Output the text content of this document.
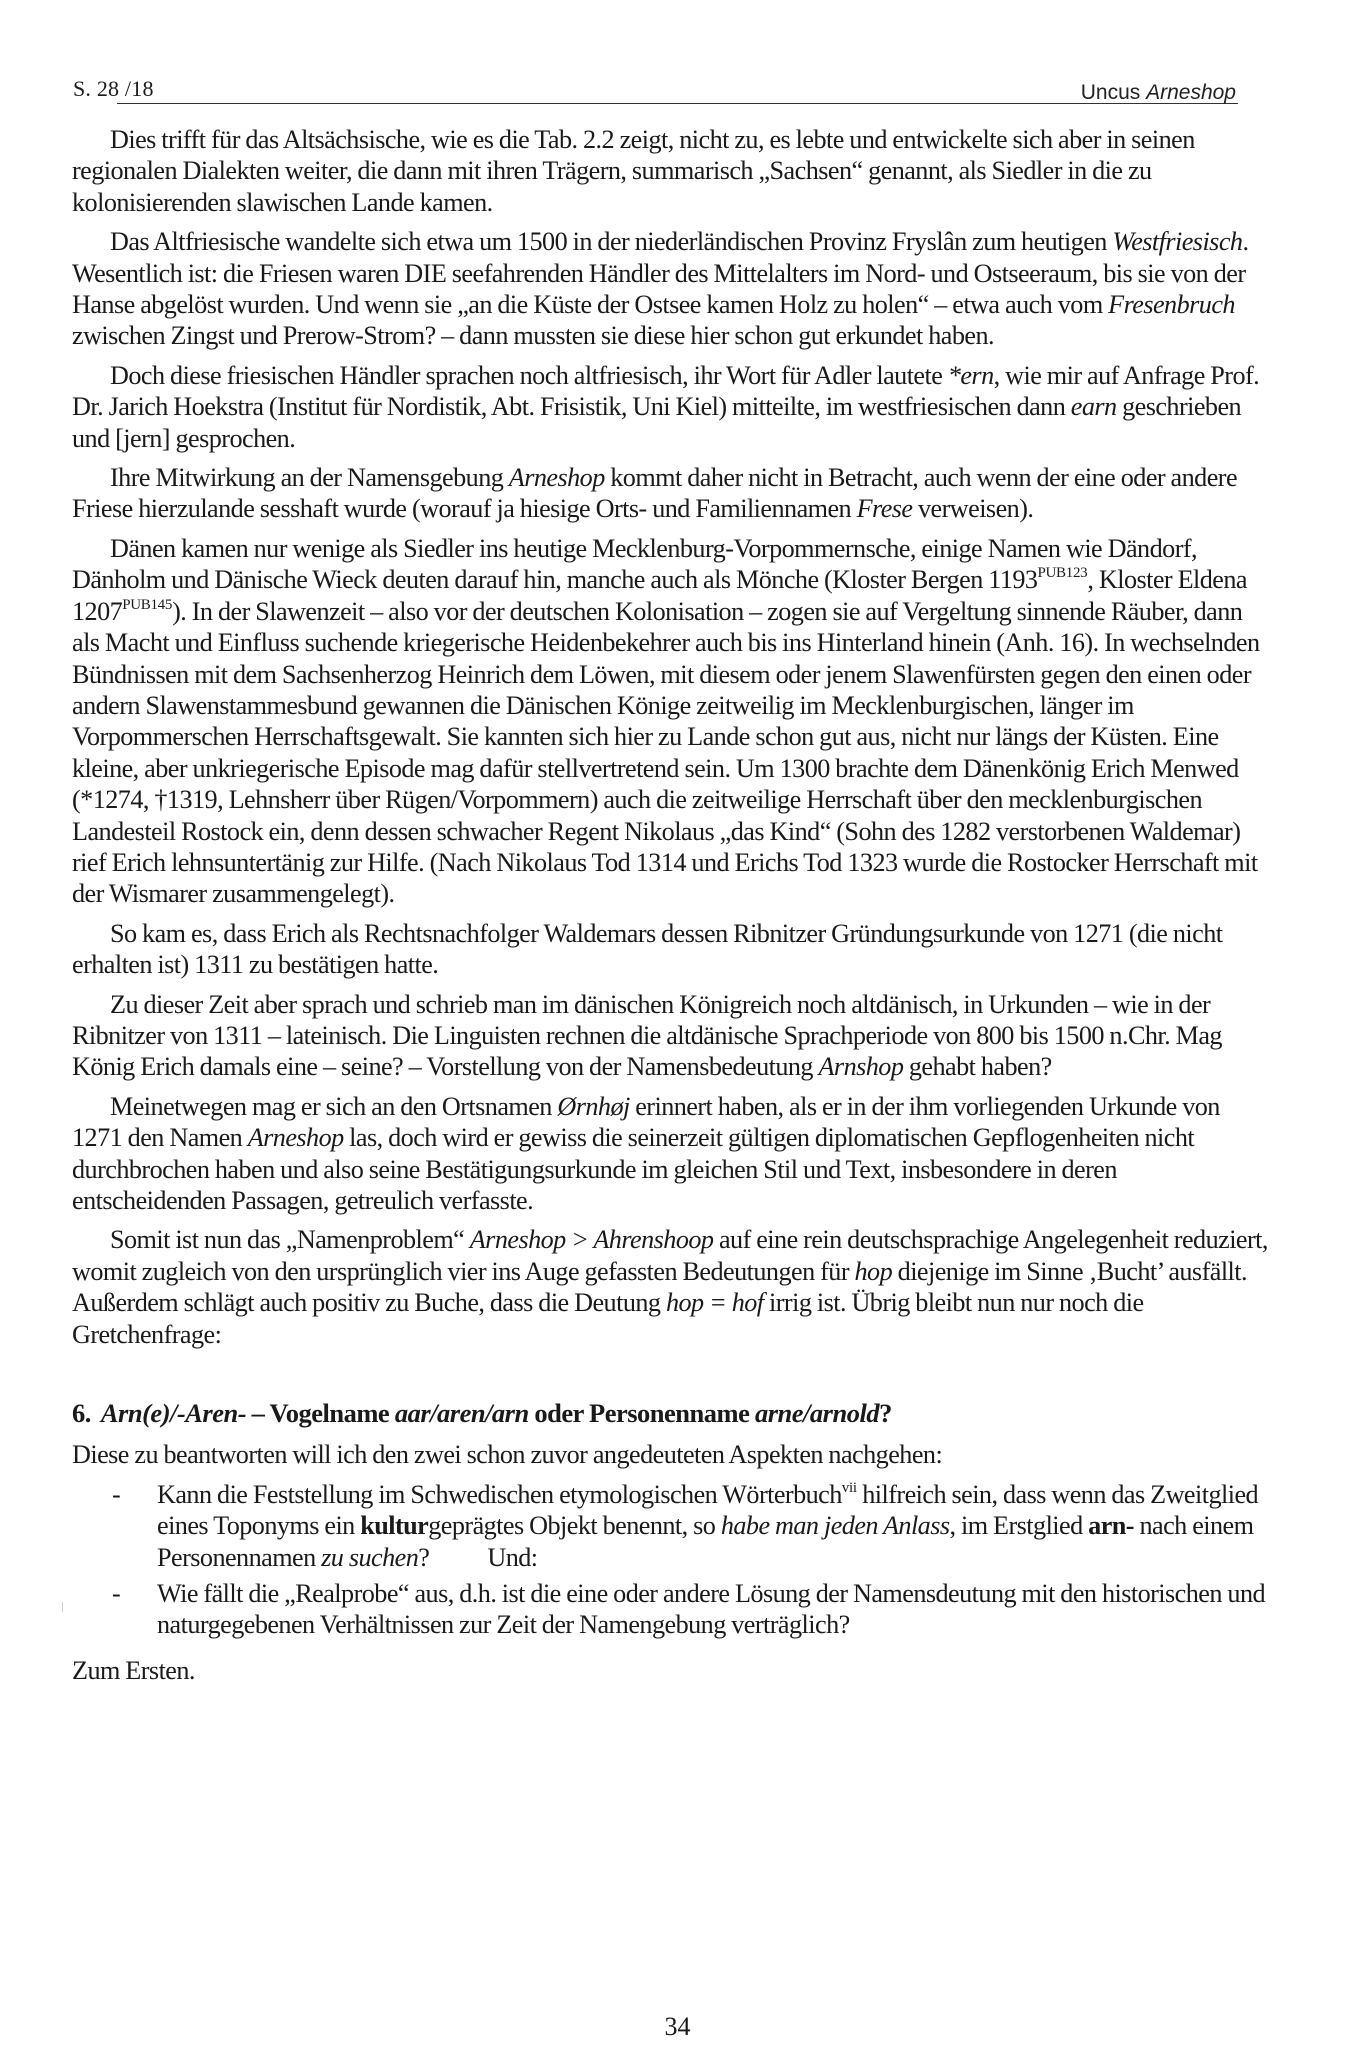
S. 28 /18	Uncus Arneshop

Dies trifft für das Altsächsische, wie es die Tab. 2.2 zeigt, nicht zu, es lebte und entwickelte sich aber in seinen regionalen Dialekten weiter, die dann mit ihren Trägern, summarisch „Sachsen“ genannt, als Siedler in die zu kolonisierenden slawischen Lande kamen.

Das Altfriesische wandelte sich etwa um 1500 in der niederländischen Provinz Fryslân zum heutigen Westfriesisch. Wesentlich ist: die Friesen waren DIE seefahrenden Händler des Mittelalters im Nord- und Ostseeraum, bis sie von der Hanse abgelöst wurden. Und wenn sie „an die Küste der Ostsee kamen Holz zu holen“ – etwa auch vom Fresenbruch zwischen Zingst und Prerow-Strom? – dann mussten sie diese hier schon gut erkundet haben.

Doch diese friesischen Händler sprachen noch altfriesisch, ihr Wort für Adler lautete *ern, wie mir auf Anfrage Prof. Dr. Jarich Hoekstra (Institut für Nordistik, Abt. Frisistik, Uni Kiel) mitteilte, im westfriesischen dann earn geschrieben und [jern] gesprochen.

Ihre Mitwirkung an der Namensgebung Arneshop kommt daher nicht in Betracht, auch wenn der eine oder andere Friese hierzulande sesshaft wurde (worauf ja hiesige Orts- und Familiennamen Frese verweisen).

Dänen kamen nur wenige als Siedler ins heutige Mecklenburg-Vorpommernsche, einige Namen wie Dändorf, Dänholm und Dänische Wieck deuten darauf hin, manche auch als Mönche (Kloster Bergen $1193^{PUB123}$, Kloster Eldena $1207^{PUB145}$). In der Slawenzeit – also vor der deutschen Kolonisation – zogen sie auf Vergeltung sinnende Räuber, dann als Macht und Einfluss suchende kriegerische Heidenbekehrer auch bis ins Hinterland hinein (Anh. 16). In wechselnden Bündnissen mit dem Sachsenherzog Heinrich dem Löwen, mit diesem oder jenem Slawenfürsten gegen den einen oder andern Slawenstammesbund gewannen die Dänischen Könige zeitweilig im Mecklenburgischen, länger im Vorpommerschen Herrschaftsgewalt. Sie kannten sich hier zu Lande schon gut aus, nicht nur längs der Küsten. Eine kleine, aber unkriegerische Episode mag dafür stellvertretend sein. Um 1300 brachte dem Dänenkönig Erich Menwed (*1274, †1319, Lehnsherr über Rügen/Vorpommern) auch die zeitweilige Herrschaft über den mecklenburgischen Landesteil Rostock ein, denn dessen schwacher Regent Nikolaus „das Kind“ (Sohn des 1282 verstorbenen Waldemar) rief Erich lehnsuntertänig zur Hilfe. (Nach Nikolaus Tod 1314 und Erichs Tod 1323 wurde die Rostocker Herrschaft mit der Wismarer zusammengelegt).

So kam es, dass Erich als Rechtsnachfolger Waldemars dessen Ribnitzer Gründungsurkunde von 1271 (die nicht erhalten ist) 1311 zu bestätigen hatte.

Zu dieser Zeit aber sprach und schrieb man im dänischen Königreich noch altdänisch, in Urkunden – wie in der Ribnitzer von 1311 – lateinisch. Die Linguisten rechnen die altdänische Sprachperiode von 800 bis 1500 n.Chr. Mag König Erich damals eine – seine? – Vorstellung von der Namensbedeutung Arnshop gehabt haben?

Meinetwegen mag er sich an den Ortsnamen Ørnhøj erinnert haben, als er in der ihm vorliegenden Urkunde von 1271 den Namen Arneshop las, doch wird er gewiss die seinerzeit gültigen diplomatischen Gepflogenheiten nicht durchbrochen haben und also seine Bestätigungsurkunde im gleichen Stil und Text, insbesondere in deren entscheidenden Passagen, getreulich verfasste.

Somit ist nun das „Namenproblem“ Arneshop > Ahrenshoop auf eine rein deutschsprachige Angelegenheit reduziert, womit zugleich von den ursprünglich vier ins Auge gefassten Bedeutungen für hop diejenige im Sinne ‚Bucht’ ausfällt. Außerdem schlägt auch positiv zu Buche, dass die Deutung hop = hof irrig ist. Übrig bleibt nun nur noch die Gretchenfrage:

6. Arn(e)/-Aren- – Vogelname aar/aren/arn oder Personenname arne/arnold?

Diese zu beantworten will ich den zwei schon zuvor angedeuteten Aspekten nachgehen:

- Kann die Feststellung im Schwedischen etymologischen Wörterbuch$^{vii}$ hilfreich sein, dass wenn das Zweitglied eines Toponyms ein kulturgeprägtes Objekt benennt, so habe man jeden Anlass, im Erstglied arn- nach einem Personennamen zu suchen? Und:
- Wie fällt die „Realprobe“ aus, d.h. ist die eine oder andere Lösung der Namensdeutung mit den historischen und naturgegebenen Verhältnissen zur Zeit der Namengebung verträglich?

Zum Ersten.

34
